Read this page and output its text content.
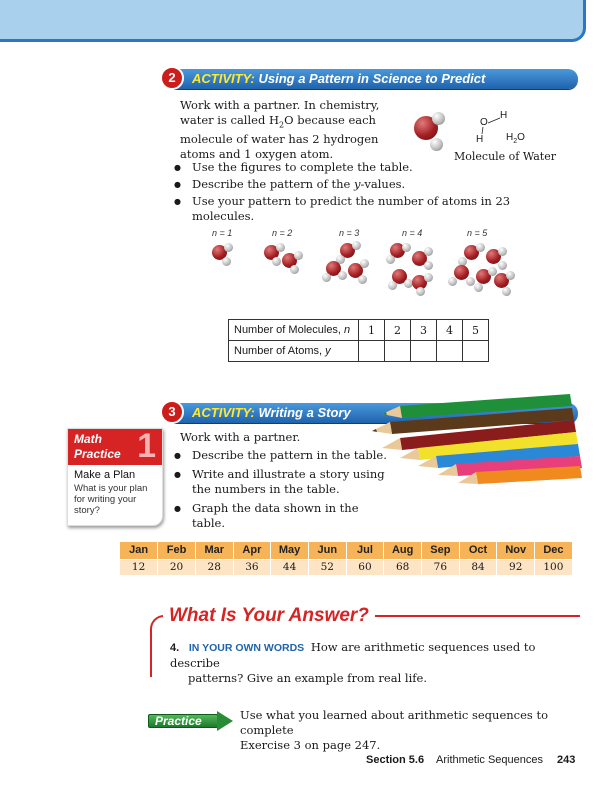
2	ACTIVITY: Using a Pattern in Science to Predict

Work with a partner. In chemistry,

water is called $H_2O$ because each

molecule of water has 2 hydrogen

atoms and 1 oxygen atom.

O
H
H $H_2O$
Molecule of Water
● Use the figures to complete the table.
● Describe the pattern of the y-values.
● Use your pattern to predict the number of atoms in 23 molecules.
n = 1	n = 2	n = 3	n = 4	n = 5
Number of Molecules, n	1	2	3	4	5
Number of Atoms, y					
3	ACTIVITY: Writing a Story
Work with a partner.
● Describe the pattern in the table.
● Write and illustrate a story using
the numbers in the table.
● Graph the data shown in the table.
Math
Practice 1
Make a Plan
What is your plan for writing your story?
Jan	Feb	Mar	Apr	May	Jun	Jul	Aug	Sep	Oct	Nov	Dec
12	20	28	36	44	52	60	68	76	84	92	100
What Is Your Answer?
4. IN YOUR OWN WORDS How are arithmetic sequences used to describe
patterns? Give an example from real life.
Practice	Use what you learned about arithmetic sequences to complete
Exercise 3 on page 247.
Section 5.6 Arithmetic Sequences 243
